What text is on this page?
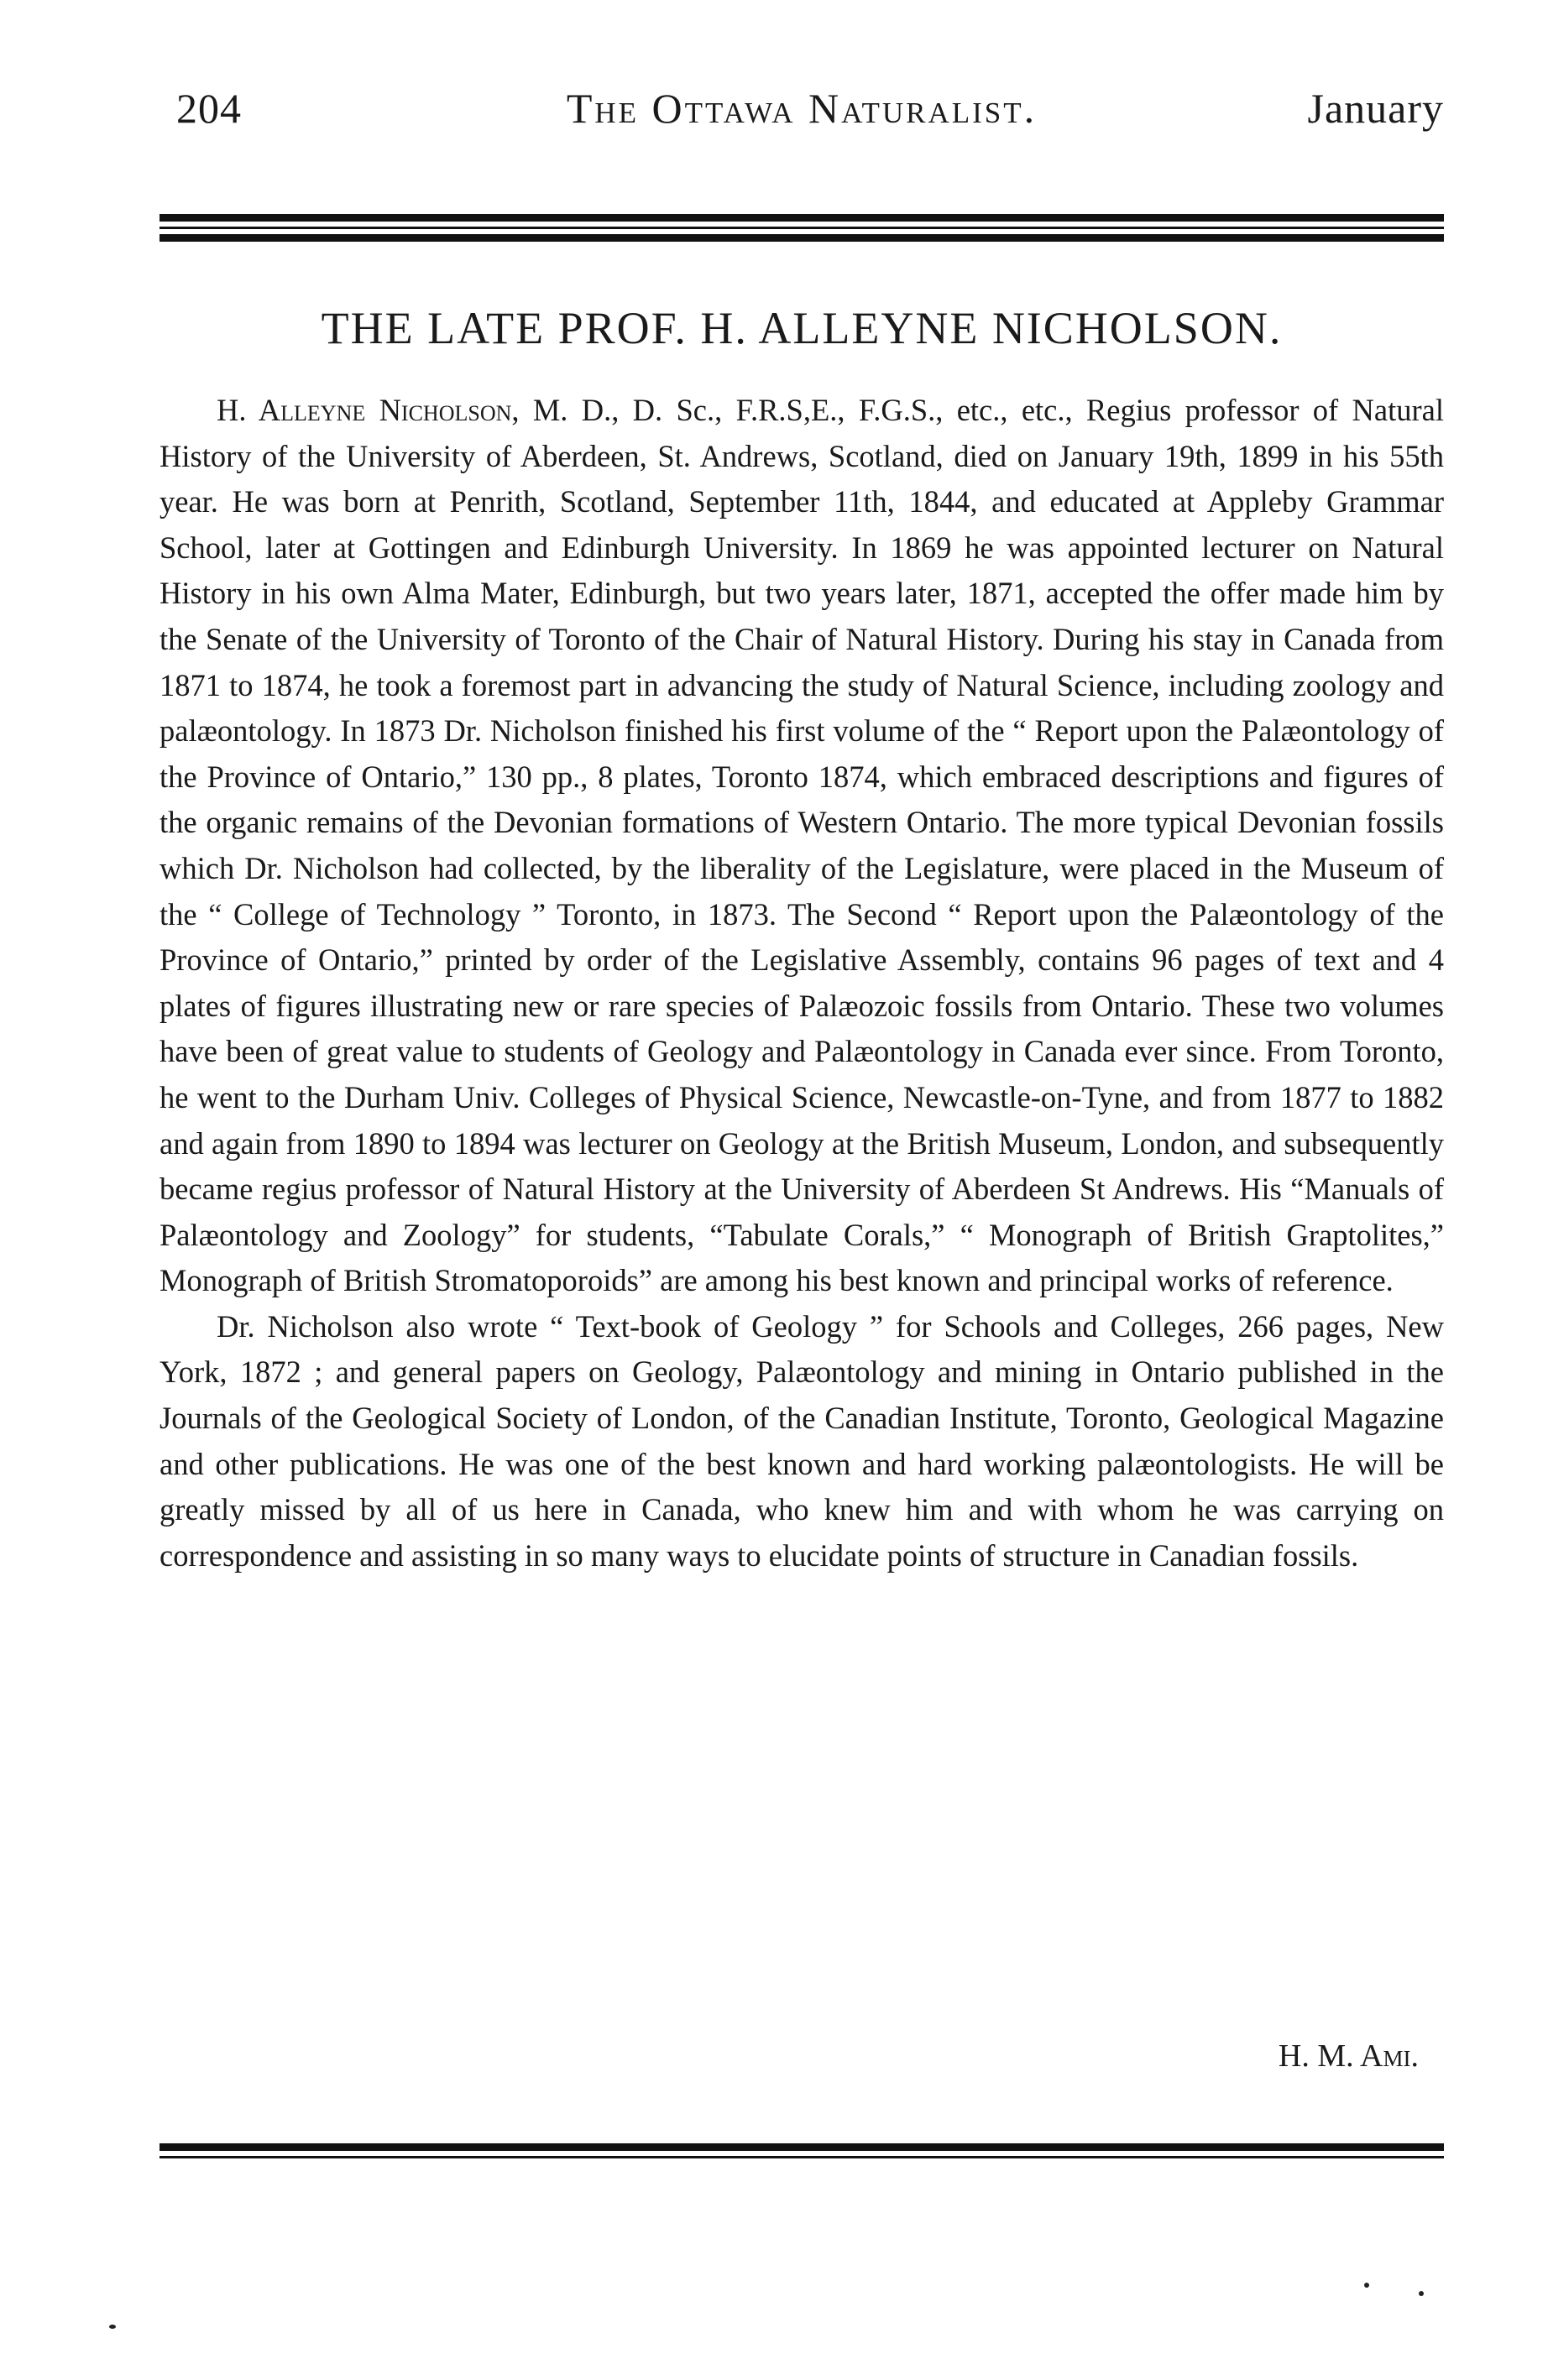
204	The Ottawa Naturalist.	January
THE LATE PROF. H. ALLEYNE NICHOLSON.

H. Alleyne Nicholson, M. D., D. Sc., F.R.S,E., F.G.S., etc., etc., Regius professor of Natural History of the University of Aberdeen, St. Andrews, Scotland, died on January 19th, 1899 in his 55th year. He was born at Penrith, Scotland, September 11th, 1844, and educated at Appleby Grammar School, later at Gottingen and Edinburgh University. In 1869 he was appointed lecturer on Natural History in his own Alma Mater, Edinburgh, but two years later, 1871, accepted the offer made him by the Senate of the University of Toronto of the Chair of Natural History. During his stay in Canada from 1871 to 1874, he took a foremost part in advancing the study of Natural Science, including zoology and palæontology. In 1873 Dr. Nicholson finished his first volume of the “ Report upon the Palæontology of the Province of Ontario,” 130 pp., 8 plates, Toronto 1874, which embraced descriptions and figures of the organic remains of the Devonian formations of Western Ontario. The more typical Devonian fossils which Dr. Nicholson had collected, by the liberality of the Legislature, were placed in the Museum of the “ College of Technology ” Toronto, in 1873. The Second “ Report upon the Palæontology of the Province of Ontario,” printed by order of the Legislative Assembly, contains 96 pages of text and 4 plates of figures illustrating new or rare species of Palæozoic fossils from Ontario. These two volumes have been of great value to students of Geology and Palæontology in Canada ever since. From Toronto, he went to the Durham Univ. Colleges of Physical Science, Newcastle-on-Tyne, and from 1877 to 1882 and again from 1890 to 1894 was lecturer on Geology at the British Museum, London, and subsequently became regius professor of Natural History at the University of Aberdeen St Andrews. His “Manuals of Palæontology and Zoology” for students, “Tabulate Corals,” “ Monograph of British Graptolites,” Monograph of British Stromatoporoids” are among his best known and principal works of reference.

Dr. Nicholson also wrote “ Text-book of Geology ” for Schools and Colleges, 266 pages, New York, 1872 ; and general papers on Geology, Palæontology and mining in Ontario published in the Journals of the Geological Society of London, of the Canadian Institute, Toronto, Geological Magazine and other publications. He was one of the best known and hard working palæontologists. He will be greatly missed by all of us here in Canada, who knew him and with whom he was carrying on correspondence and assisting in so many ways to elucidate points of structure in Canadian fossils.

H. M. Ami.
